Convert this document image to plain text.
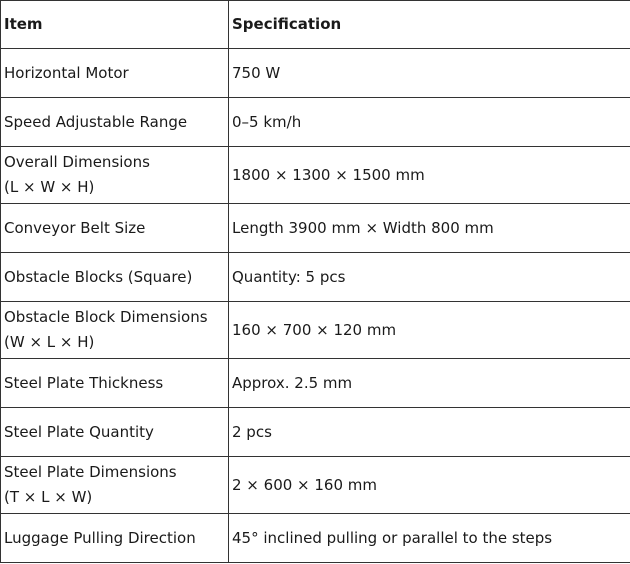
Item	Specification

Horizontal Motor	750 W

Speed Adjustable Range	0–5 km/h

Overall Dimensions
(L × W × H)	1800 × 1300 × 1500 mm

Conveyor Belt Size	Length 3900 mm × Width 800 mm

Obstacle Blocks (Square)	Quantity: 5 pcs

Obstacle Block Dimensions
(W × L × H)	160 × 700 × 120 mm

Steel Plate Thickness	Approx. 2.5 mm

Steel Plate Quantity	2 pcs

Steel Plate Dimensions
(T × L × W)	2 × 600 × 160 mm

Luggage Pulling Direction	45° inclined pulling or parallel to the steps
